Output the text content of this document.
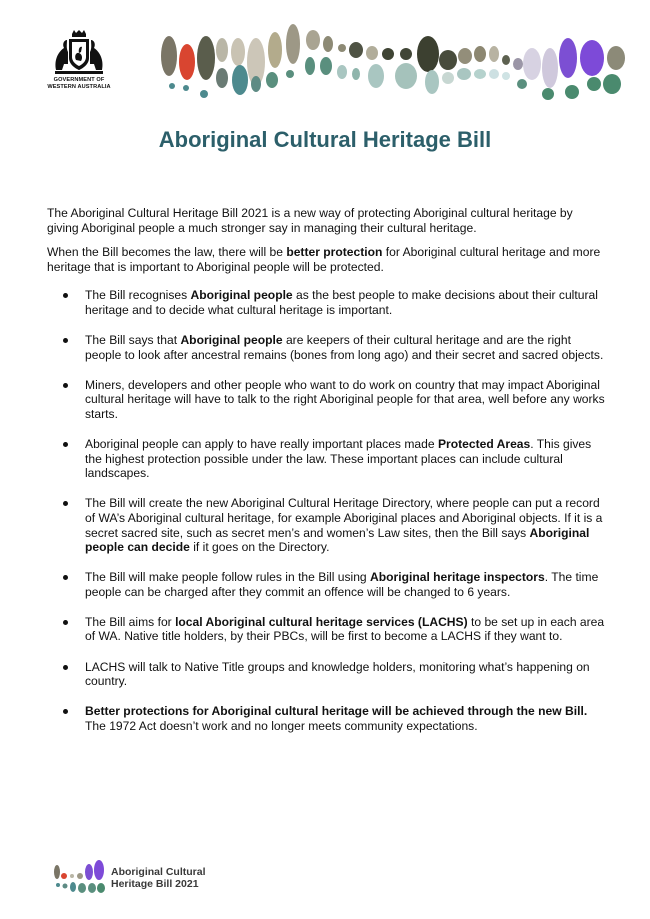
GOVERNMENT OF
WESTERN AUSTRALIA
Aboriginal Cultural Heritage Bill

The Aboriginal Cultural Heritage Bill 2021 is a new way of protecting Aboriginal cultural heritage by giving Aboriginal people a much stronger say in managing their cultural heritage.

When the Bill becomes the law, there will be better protection for Aboriginal cultural heritage and more heritage that is important to Aboriginal people will be protected.

The Bill recognises Aboriginal people as the best people to make decisions about their cultural heritage and to decide what cultural heritage is important.
The Bill says that Aboriginal people are keepers of their cultural heritage and are the right people to look after ancestral remains (bones from long ago) and their secret and sacred objects.
Miners, developers and other people who want to do work on country that may impact Aboriginal cultural heritage will have to talk to the right Aboriginal people for that area, well before any works starts.
Aboriginal people can apply to have really important places made Protected Areas. This gives the highest protection possible under the law. These important places can include cultural landscapes.
The Bill will create the new Aboriginal Cultural Heritage Directory, where people can put a record of WA’s Aboriginal cultural heritage, for example Aboriginal places and Aboriginal objects. If it is a secret sacred site, such as secret men’s and women’s Law sites, then the Bill says Aboriginal people can decide if it goes on the Directory.
The Bill will make people follow rules in the Bill using Aboriginal heritage inspectors. The time people can be charged after they commit an offence will be changed to 6 years.
The Bill aims for local Aboriginal cultural heritage services (LACHS) to be set up in each area of WA. Native title holders, by their PBCs, will be first to become a LACHS if they want to.
LACHS will talk to Native Title groups and knowledge holders, monitoring what’s happening on country.
Better protections for Aboriginal cultural heritage will be achieved through the new Bill. The 1972 Act doesn’t work and no longer meets community expectations.
Aboriginal Cultural
Heritage Bill 2021
